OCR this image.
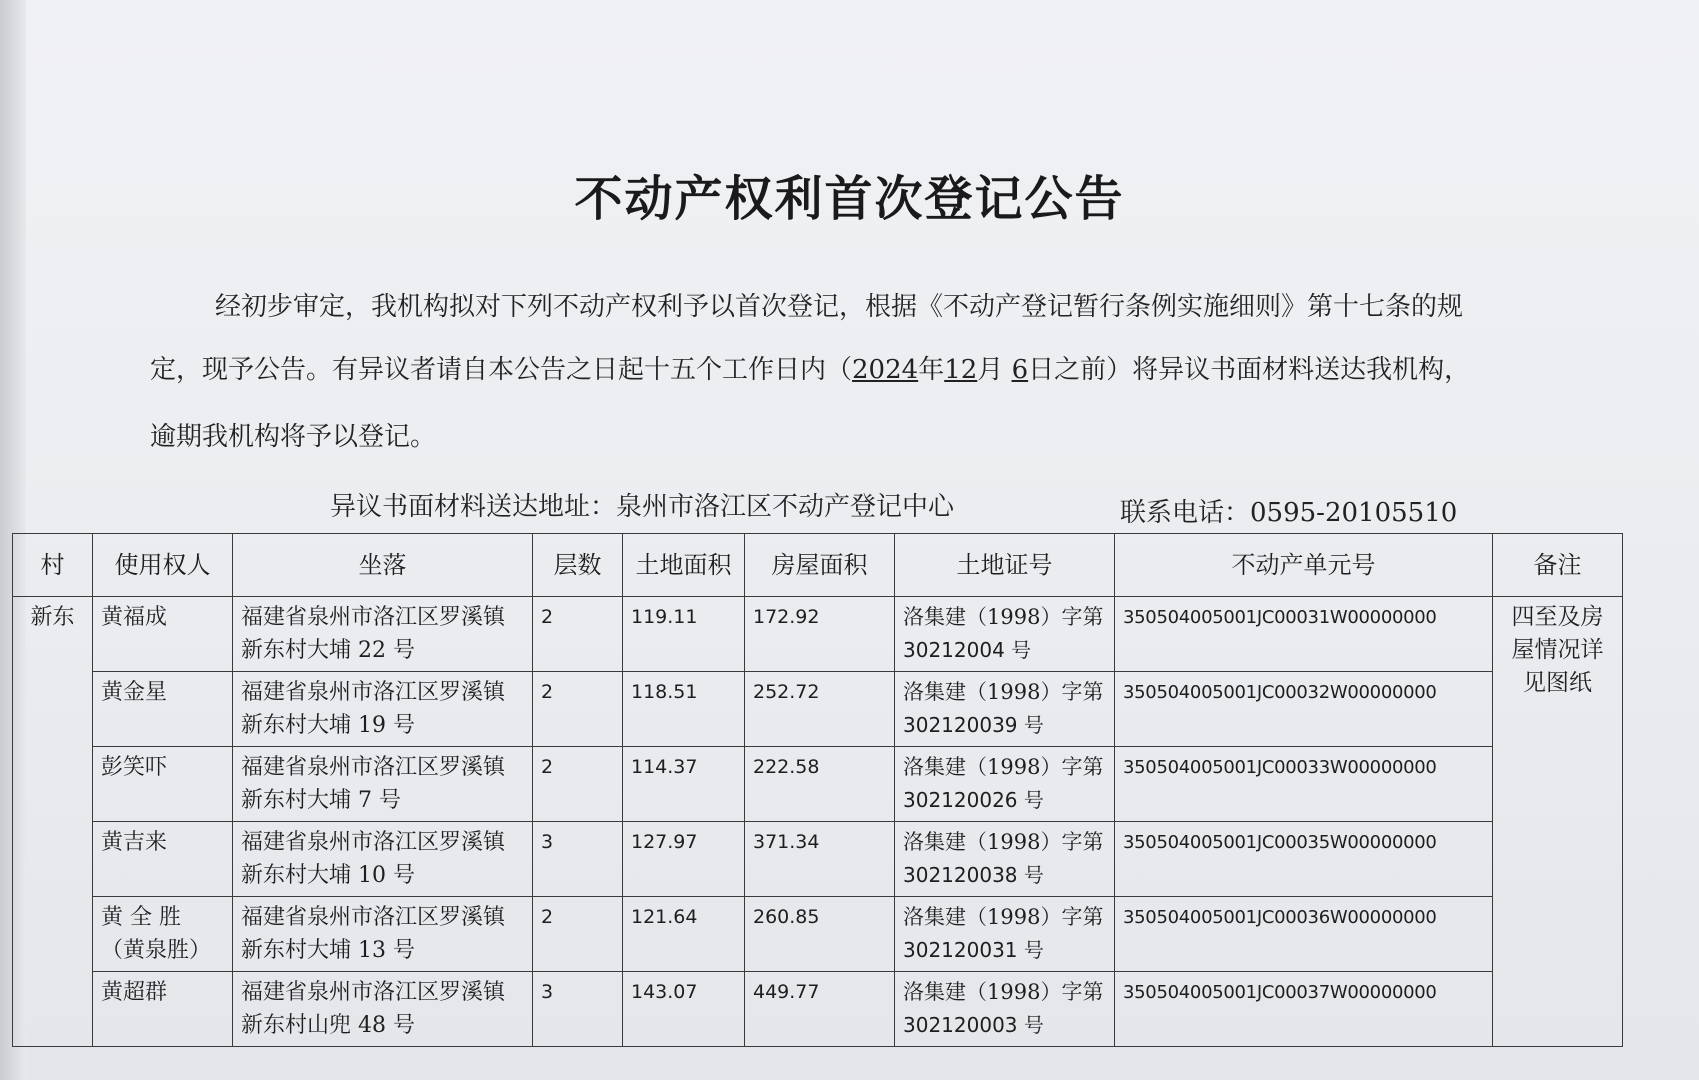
不动产权利首次登记公告
经初步审定，我机构拟对下列不动产权利予以首次登记，根据《不动产登记暂行条例实施细则》第十七条的规
定，现予公告。有异议者请自本公告之日起十五个工作日内（2024年12月 6日之前）将异议书面材料送达我机构，
逾期我机构将予以登记。
异议书面材料送达地址：泉州市洛江区不动产登记中心	联系电话：0595-20105510
村	使用权人	坐落	层数	土地面积	房屋面积	土地证号	不动产单元号	备注
新东	黄福成	福建省泉州市洛江区罗溪镇
新东村大埔 22 号	2	119.11	172.92	洛集建（1998）字第
30212004 号	350504005001JC00031W00000000	四至及房屋情况详见图纸
	黄金星	福建省泉州市洛江区罗溪镇
新东村大埔 19 号	2	118.51	252.72	洛集建（1998）字第
302120039 号	350504005001JC00032W00000000	
	彭笑吓	福建省泉州市洛江区罗溪镇
新东村大埔 7 号	2	114.37	222.58	洛集建（1998）字第
302120026 号	350504005001JC00033W00000000	
	黄吉来	福建省泉州市洛江区罗溪镇
新东村大埔 10 号	3	127.97	371.34	洛集建（1998）字第
302120038 号	350504005001JC00035W00000000	

	黄 全 胜
（黄泉胜）	福建省泉州市洛江区罗溪镇
新东村大埔 13 号	2	121.64	260.85	洛集建（1998）字第
302120031 号	350504005001JC00036W00000000	
	黄超群	福建省泉州市洛江区罗溪镇
新东村山兜 48 号	3	143.07	449.77	洛集建（1998）字第
302120003 号	350504005001JC00037W00000000	
